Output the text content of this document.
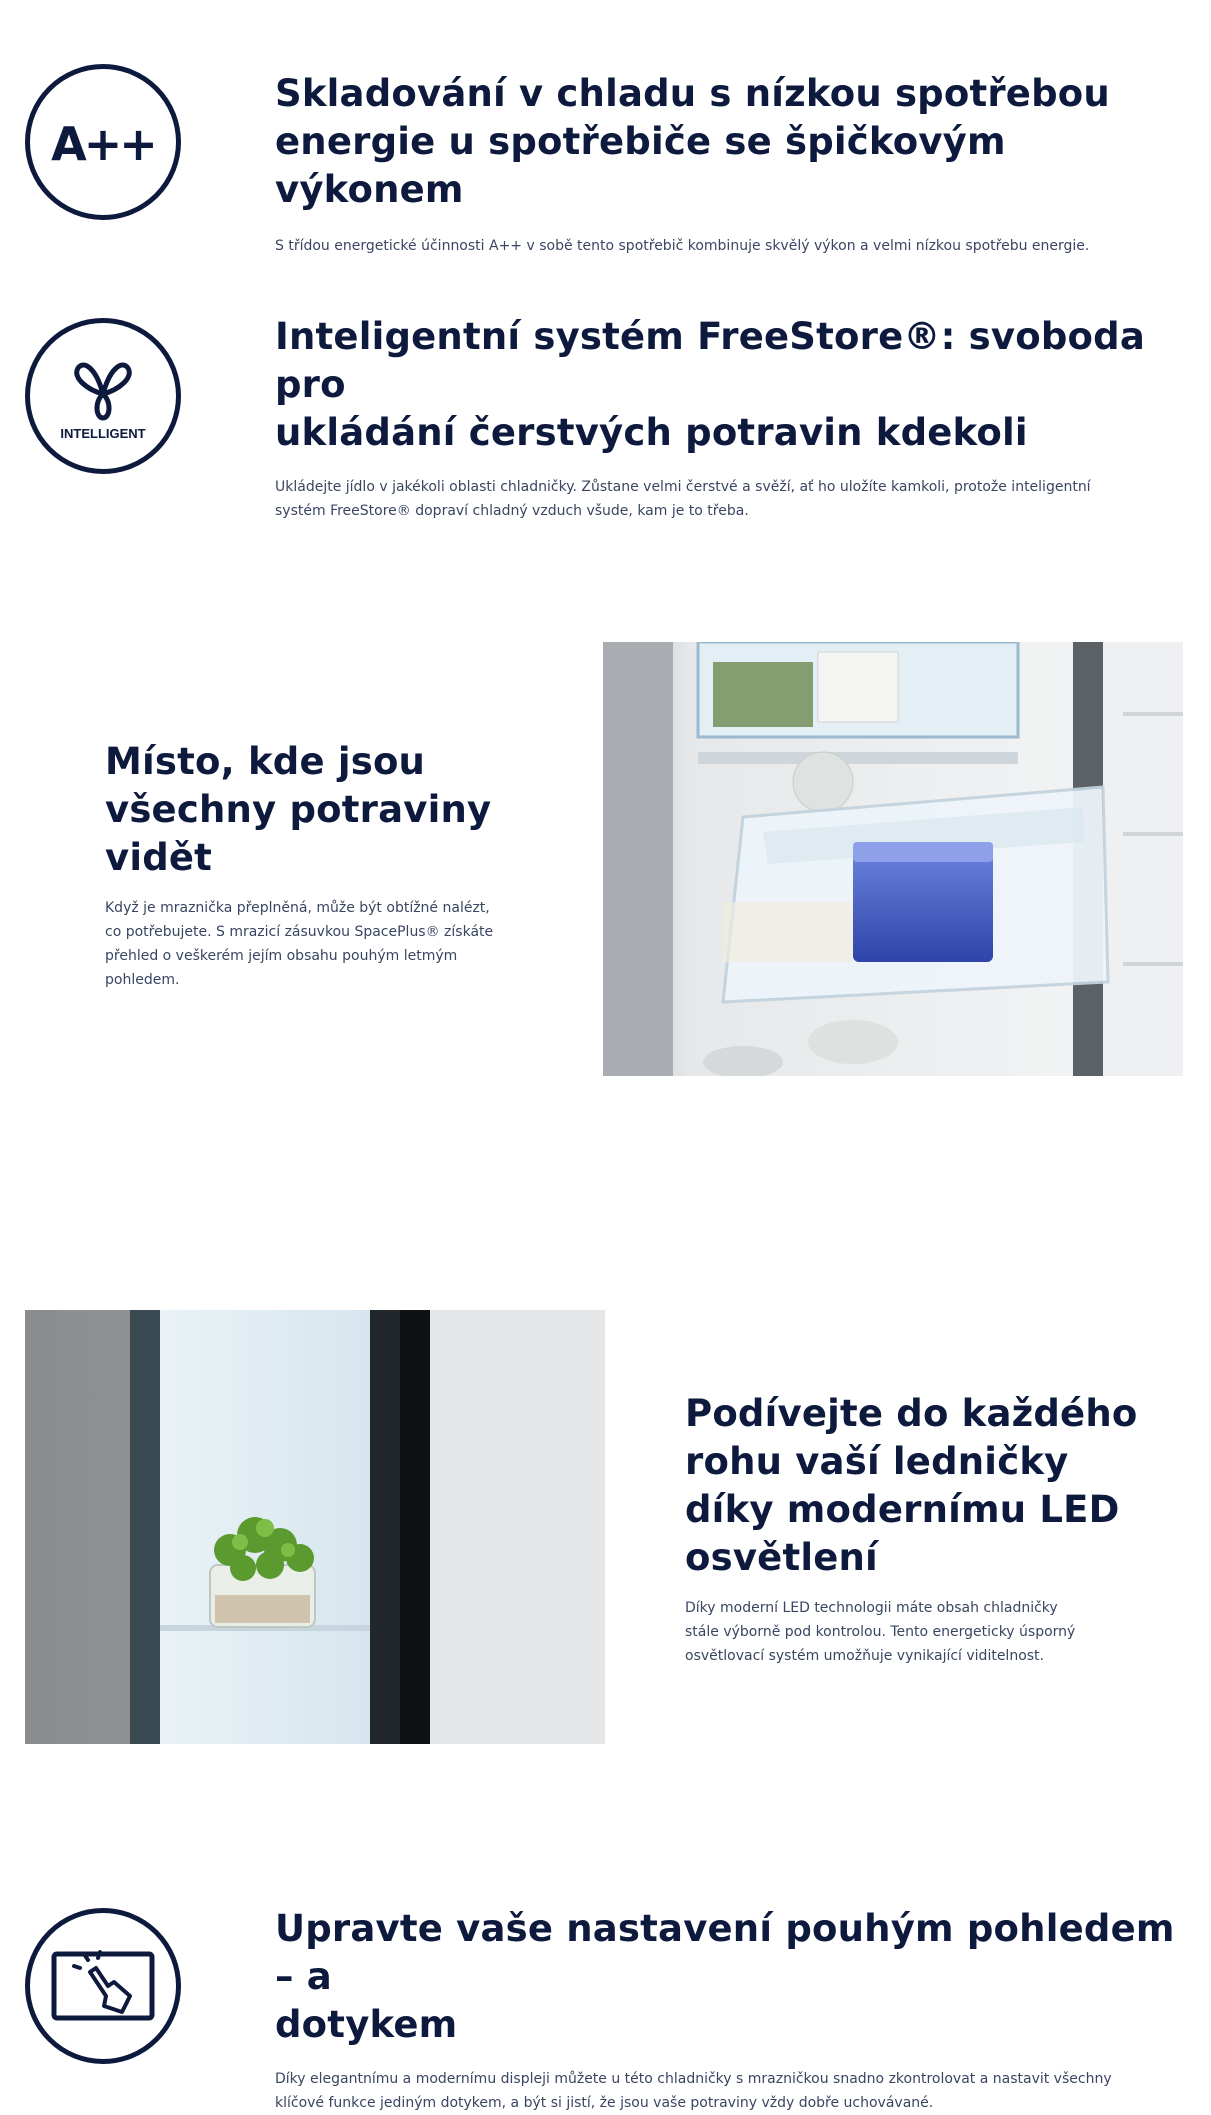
A++
Skladování v chladu s nízkou spotřebou
energie u spotřebiče se špičkovým výkonem

S třídou energetické účinnosti A++ v sobě tento spotřebič kombinuje skvělý výkon a velmi nízkou spotřebu energie.

INTELLIGENT
Inteligentní systém FreeStore®: svoboda pro
ukládání čerstvých potravin kdekoli

Ukládejte jídlo v jakékoli oblasti chladničky. Zůstane velmi čerstvé a svěží, ať ho uložíte kamkoli, protože inteligentní
systém FreeStore® dopraví chladný vzduch všude, kam je to třeba.

Místo, kde jsou
všechny potraviny
vidět

Když je mraznička přeplněná, může být obtížné nalézt,
co potřebujete. S mrazicí zásuvkou SpacePlus® získáte
přehled o veškerém jejím obsahu pouhým letmým
pohledem.

Podívejte do každého
rohu vaší ledničky
díky modernímu LED
osvětlení

Díky moderní LED technologii máte obsah chladničky
stále výborně pod kontrolou. Tento energeticky úsporný
osvětlovací systém umožňuje vynikající viditelnost.

Upravte vaše nastavení pouhým pohledem – a
dotykem

Díky elegantnímu a modernímu displeji můžete u této chladničky s mrazničkou snadno zkontrolovat a nastavit všechny
klíčové funkce jediným dotykem, a být si jistí, že jsou vaše potraviny vždy dobře uchovávané.
